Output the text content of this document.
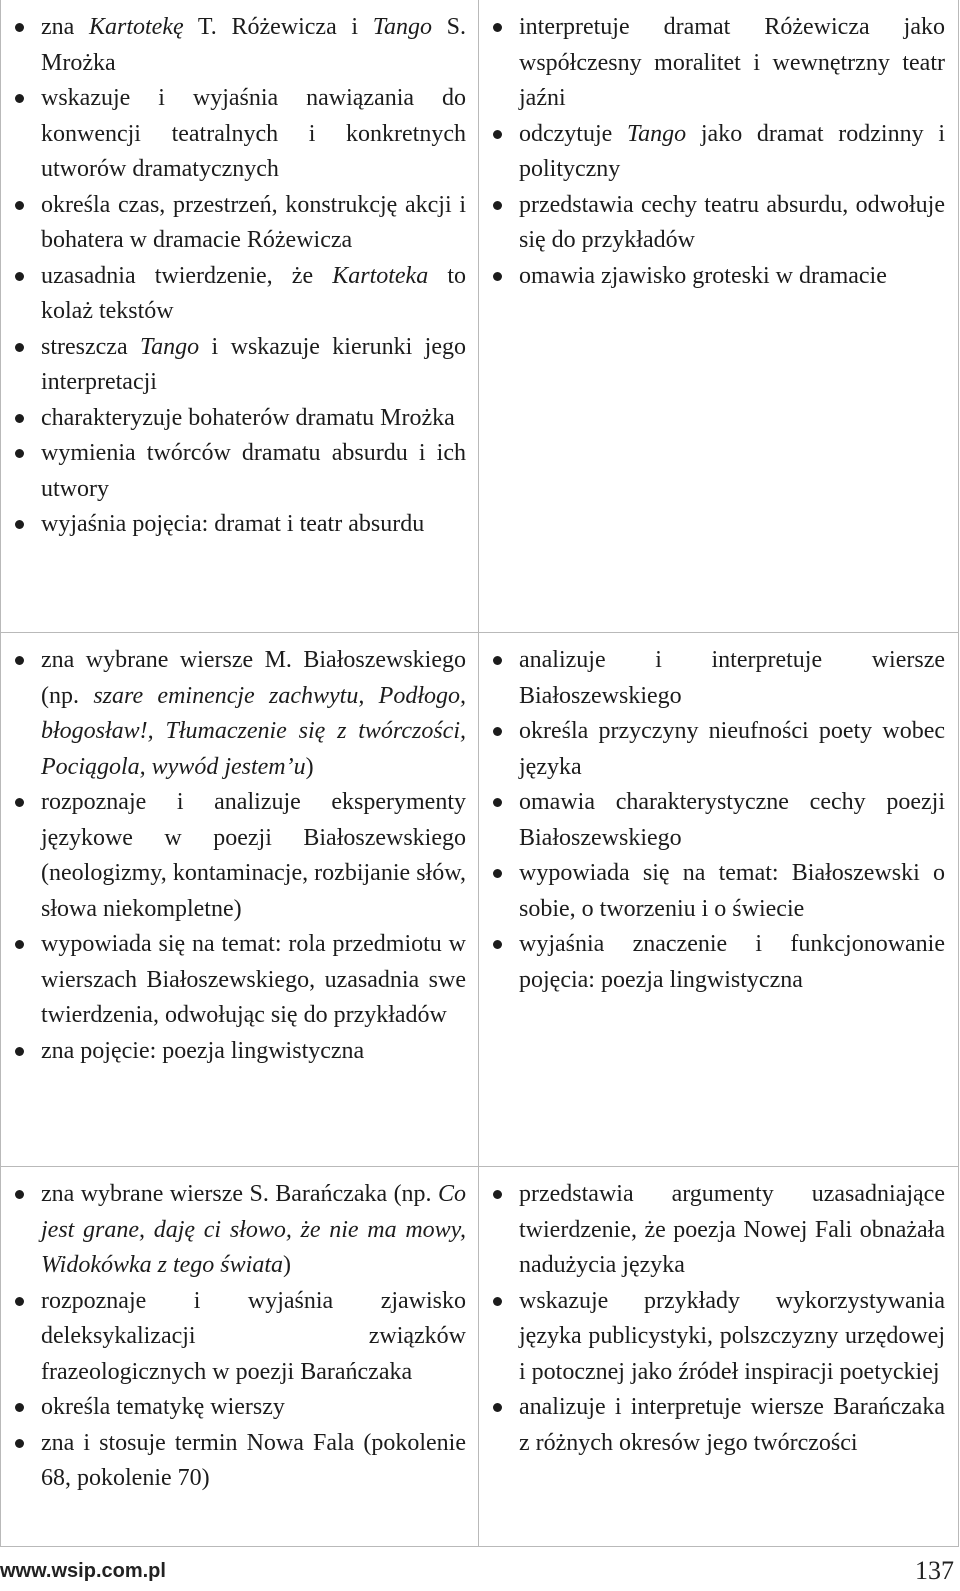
zna Kartotekę T. Różewicza i Tango S. Mrożka
wskazuje i wyjaśnia nawiązania do konwencji teatralnych i konkretnych utworów dramatycznych
określa czas, przestrzeń, konstrukcję akcji i bohatera w dramacie Różewicza
uzasadnia twierdzenie, że Kartoteka to kolaż tekstów
streszcza Tango i wskazuje kierunki jego interpretacji
charakteryzuje bohaterów dramatu Mrożka
wymienia twórców dramatu absurdu i ich utwory
wyjaśnia pojęcia: dramat i teatr absurdu
interpretuje dramat Różewicza jako współczesny moralitet i wewnętrzny teatr jaźni
odczytuje Tango jako dramat rodzinny i polityczny
przedstawia cechy teatru absurdu, odwołuje się do przykładów
omawia zjawisko groteski w dramacie
zna wybrane wiersze M. Białoszewskiego (np. szare eminencje zachwytu, Podłogo, błogosław!, Tłumaczenie się z twórczości, Pociągola, wywód jestem’u)
rozpoznaje i analizuje eksperymenty językowe w poezji Białoszewskiego (neologizmy, kontaminacje, rozbijanie słów, słowa niekompletne)
wypowiada się na temat: rola przedmiotu w wierszach Białoszewskiego, uzasadnia swe twierdzenia, odwołując się do przykładów
zna pojęcie: poezja lingwistyczna
analizuje i interpretuje wiersze Białoszewskiego
określa przyczyny nieufności poety wobec języka
omawia charakterystyczne cechy poezji Białoszewskiego
wypowiada się na temat: Białoszewski o sobie, o tworzeniu i o świecie
wyjaśnia znaczenie i funkcjonowanie pojęcia: poezja lingwistyczna
zna wybrane wiersze S. Barańczaka (np. Co jest grane, daję ci słowo, że nie ma mowy, Widokówka z tego świata)
rozpoznaje i wyjaśnia zjawisko deleksykalizacji związków frazeologicznych w poezji Barańczaka
określa tematykę wierszy
zna i stosuje termin Nowa Fala (pokolenie 68, pokolenie 70)
przedstawia argumenty uzasadniające twierdzenie, że poezja Nowej Fali obnażała nadużycia języka
wskazuje przykłady wykorzystywania języka publicystyki, polszczyzny urzędowej i potocznej jako źródeł inspiracji poetyckiej
analizuje i interpretuje wiersze Barańczaka z różnych okresów jego twórczości
www.wsip.com.pl	137
